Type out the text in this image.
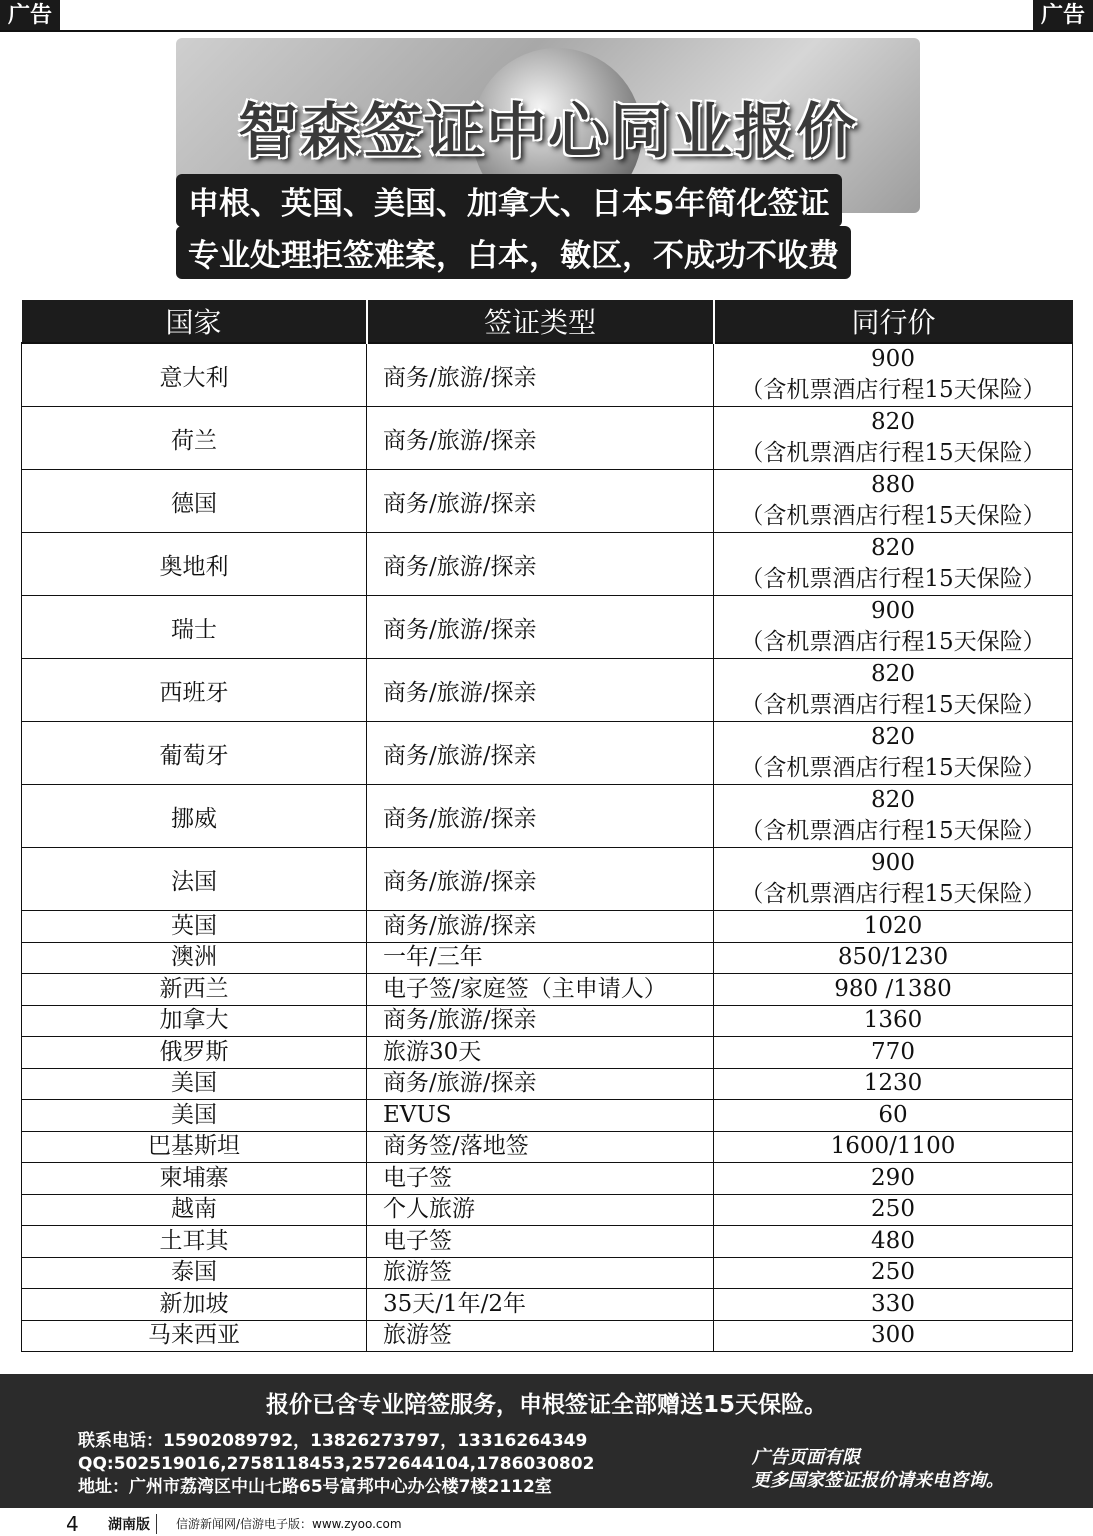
广告	广告
智森签证中心同业报价
申根、英国、美国、加拿大、日本5年简化签证
专业处理拒签难案，白本，敏区，不成功不收费
国家	签证类型	同行价
意大利	商务/旅游/探亲	900
（含机票酒店行程15天保险）

荷兰	商务/旅游/探亲	820
（含机票酒店行程15天保险）

德国	商务/旅游/探亲	880
（含机票酒店行程15天保险）

奥地利	商务/旅游/探亲	820
（含机票酒店行程15天保险）

瑞士	商务/旅游/探亲	900
（含机票酒店行程15天保险）

西班牙	商务/旅游/探亲	820
（含机票酒店行程15天保险）

葡萄牙	商务/旅游/探亲	820
（含机票酒店行程15天保险）

挪威	商务/旅游/探亲	820
（含机票酒店行程15天保险）

法国	商务/旅游/探亲	900
（含机票酒店行程15天保险）

英国	商务/旅游/探亲	1020

澳洲	一年/三年	850/1230

新西兰	电子签/家庭签（主申请人）	980 /1380

加拿大	商务/旅游/探亲	1360

俄罗斯	旅游30天	770

美国	商务/旅游/探亲	1230

美国	EVUS	60

巴基斯坦	商务签/落地签	1600/1100

柬埔寨	电子签	290

越南	个人旅游	250

土耳其	电子签	480

泰国	旅游签	250

新加坡	35天/1年/2年	330

马来西亚	旅游签	300
报价已含专业陪签服务，申根签证全部赠送15天保险。
联系电话：15902089792，13826273797，13316264349
QQ:502519016,2758118453,2572644104,1786030802
地址：广州市荔湾区中山七路65号富邦中心办公楼7楼2112室
广告页面有限
更多国家签证报价请来电咨询。
4 湖南版	信游新闻网/信游电子版：www.zyoo.com
